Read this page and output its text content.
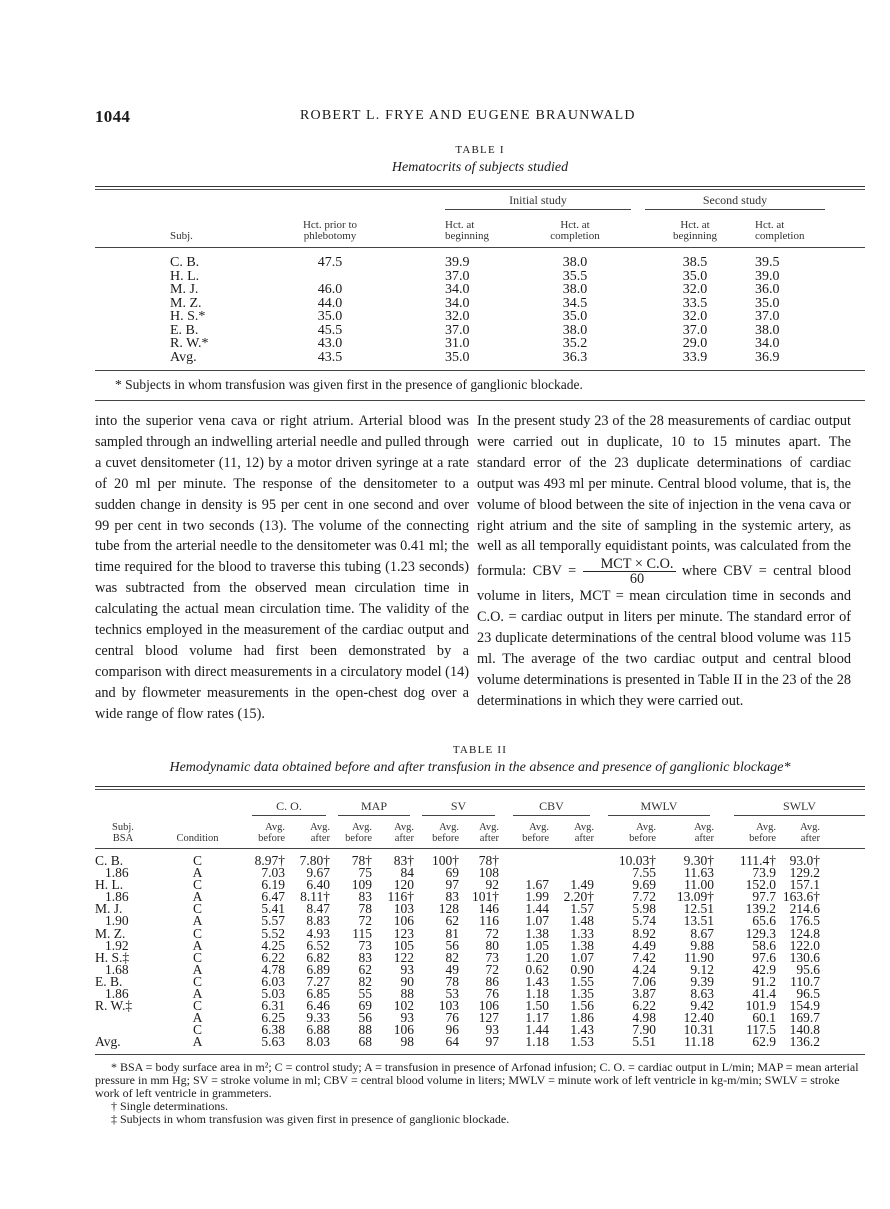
1044	ROBERT L. FRYE AND EUGENE BRAUNWALD
TABLE I
Hematocrits of subjects studied

			Initial study		Second study	

	Subj.	Hct. prior to phlebotomy	Hct. at beginning	Hct. at completion	Hct. at beginning	Hct. at completion

	C. B.	47.5	39.9	38.0	38.5	39.5
	H. L.		37.0	35.5	35.0	39.0
	M. J.	46.0	34.0	38.0	32.0	36.0
	M. Z.	44.0	34.0	34.5	33.5	35.0
	H. S.*	35.0	32.0	35.0	32.0	37.0
	E. B.	45.5	37.0	38.0	37.0	38.0
	R. W.*	43.0	31.0	35.2	29.0	34.0
	Avg.	43.5	35.0	36.3	33.9	36.9
* Subjects in whom transfusion was given first in the presence of ganglionic blockade.
into the superior vena cava or right atrium. Arterial blood was sampled through an indwelling arterial needle and pulled through a cuvet densitometer (11, 12) by a motor driven syringe at a rate of 20 ml per minute. The response of the densitometer to a sudden change in density is 95 per cent in one second and over 99 per cent in two seconds (13). The volume of the connecting tube from the arterial needle to the densitometer was 0.41 ml; the time required for the blood to traverse this tubing (1.23 seconds) was subtracted from the observed mean circulation time in calculating the actual mean circulation time. The validity of the technics employed in the measurement of the cardiac output and central blood volume had first been demonstrated by a comparison with direct measurements in a circulatory model (14) and by flowmeter measurements in the open-chest dog over a wide range of flow rates (15).
In the present study 23 of the 28 measurements of cardiac output were carried out in duplicate, 10 to 15 minutes apart. The standard error of the 23 duplicate determinations of cardiac output was 493 ml per minute. Central blood volume, that is, the volume of blood between the site of injection in the vena cava or right atrium and the site of sampling in the systemic artery, as well as all temporally equidistant points, was calculated from the formula: CBV = $\frac{\text{MCT × C.O.}}{60}$ where CBV = central blood volume in liters, MCT = mean circulation time in seconds and C.O. = cardiac output in liters per minute. The standard error of 23 duplicate determinations of the central blood volume was 115 ml. The average of the two cardiac output and central blood volume determinations is presented in Table II in the 23 of the 28 determinations in which they were carried out.
TABLE II
Hemodynamic data obtained before and after transfusion in the absence and presence of ganglionic blockage*

		C. O.		MAP		SV		CBV		MWLV		SWLV		

Subj. BSA	Condition	Avg. before	Avg. after	Avg. before	Avg. after	Avg. before	Avg. after	Avg. before	Avg. after	Avg. before	Avg. after	Avg. before	Avg. after	

C. B.	C	8.97†	7.80†	78†	83†	100†	78†			10.03†	9.30†	111.4†	93.0†	
1.86	A	7.03	9.67	75	84	69	108			7.55	11.63	73.9	129.2	
H. L.	C	6.19	6.40	109	120	97	92	1.67	1.49	9.69	11.00	152.0	157.1	
1.86	A	6.47	8.11†	83	116†	83	101†	1.99	2.20†	7.72	13.09†	97.7	163.6†	
M. J.	C	5.41	8.47	78	103	128	146	1.44	1.57	5.98	12.51	139.2	214.6	
1.90	A	5.57	8.83	72	106	62	116	1.07	1.48	5.74	13.51	65.6	176.5	
M. Z.	C	5.52	4.93	115	123	81	72	1.38	1.33	8.92	8.67	129.3	124.8	
1.92	A	4.25	6.52	73	105	56	80	1.05	1.38	4.49	9.88	58.6	122.0	
H. S.‡	C	6.22	6.82	83	122	82	73	1.20	1.07	7.42	11.90	97.6	130.6	
1.68	A	4.78	6.89	62	93	49	72	0.62	0.90	4.24	9.12	42.9	95.6	
E. B.	C	6.03	7.27	82	90	78	86	1.43	1.55	7.06	9.39	91.2	110.7	
1.86	A	5.03	6.85	55	88	53	76	1.18	1.35	3.87	8.63	41.4	96.5	
R. W.‡	C	6.31	6.46	69	102	103	106	1.50	1.56	6.22	9.42	101.9	154.9	
	A	6.25	9.33	56	93	76	127	1.17	1.86	4.98	12.40	60.1	169.7	
	C	6.38	6.88	88	106	96	93	1.44	1.43	7.90	10.31	117.5	140.8	
Avg.	A	5.63	8.03	68	98	64	97	1.18	1.53	5.51	11.18	62.9	136.2	
* BSA = body surface area in m²; C = control study; A = transfusion in presence of Arfonad infusion; C. O. = cardiac output in L/min; MAP = mean arterial pressure in mm Hg; SV = stroke volume in ml; CBV = central blood volume in liters; MWLV = minute work of left ventricle in kg-m/min; SWLV = stroke work of left ventricle in grammeters.
† Single determinations.
‡ Subjects in whom transfusion was given first in presence of ganglionic blockade.
